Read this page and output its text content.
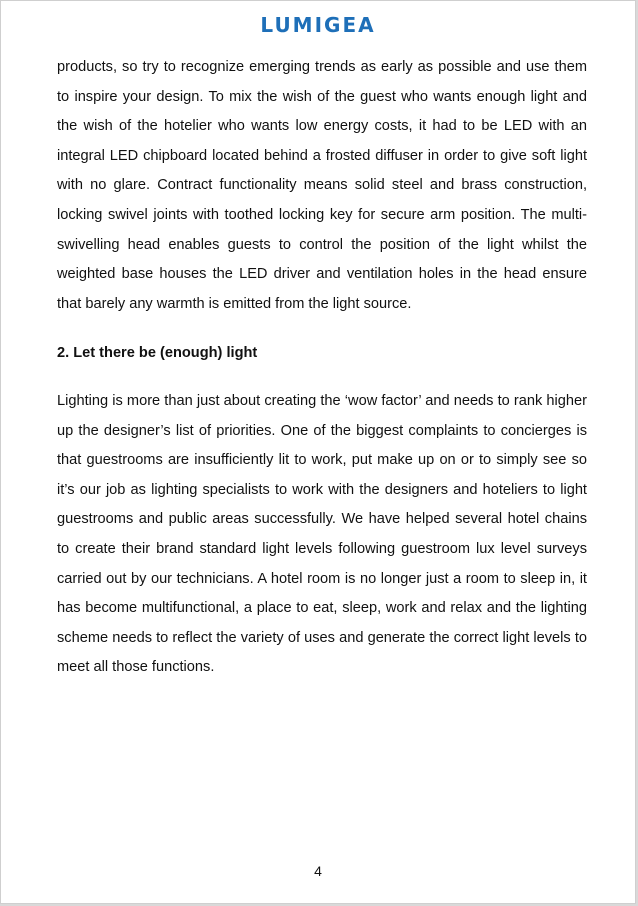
LUMIGEA

products, so try to recognize emerging trends as early as possible and use them to inspire your design. To mix the wish of the guest who wants enough light and the wish of the hotelier who wants low energy costs, it had to be LED with an integral LED chipboard located behind a frosted diffuser in order to give soft light with no glare. Contract functionality means solid steel and brass construction, locking swivel joints with toothed locking key for secure arm position. The multi-swivelling head enables guests to control the position of the light whilst the weighted base houses the LED driver and ventilation holes in the head ensure that barely any warmth is emitted from the light source.

2. Let there be (enough) light

Lighting is more than just about creating the ‘wow factor’ and needs to rank higher up the designer’s list of priorities. One of the biggest complaints to concierges is that guestrooms are insufficiently lit to work, put make up on or to simply see so it’s our job as lighting specialists to work with the designers and hoteliers to light guestrooms and public areas successfully. We have helped several hotel chains to create their brand standard light levels following guestroom lux level surveys carried out by our technicians. A hotel room is no longer just a room to sleep in, it has become multifunctional, a place to eat, sleep, work and relax and the lighting scheme needs to reflect the variety of uses and generate the correct light levels to meet all those functions.

4
